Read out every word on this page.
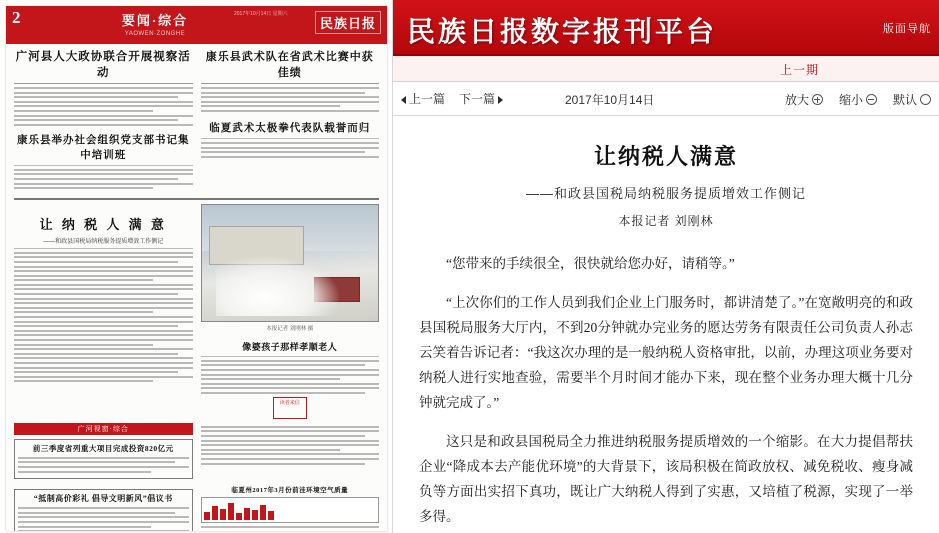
2	要闻·综合
YAOWEN·ZONGHE
2017年10月14日 星期六
民族日报
广河县人大政协联合开展视察活动
康乐县举办社会组织党支部书记集中培训班
康乐县武术队在省武术比赛中获佳绩
临夏武术太极拳代表队载誉而归
让 纳 税 人 满 意
——和政县国税局纳税服务提质增效工作侧记
本报记者 刘刚林 摄
像婆孩子那样孝顺老人
读者来信
广河视窗·综合
前三季度省列重大项目完成投资820亿元
“抵制高价彩礼 倡导文明新风”倡议书
临夏州2017年3月份前洼环境空气质量
民族日报数字报刊平台	版面导航
上一期
上一篇 下一篇	2017年10月14日	放大	缩小	默认
让纳税人满意
——和政县国税局纳税服务提质增效工作侧记
本报记者 刘刚林

“您带来的手续很全，很快就给您办好，请稍等。”

“上次你们的工作人员到我们企业上门服务时，都讲清楚了。”在宽敞明亮的和政县国税局服务大厅内，不到20分钟就办完业务的愿达劳务有限责任公司负责人孙志云笑着告诉记者：“我这次办理的是一般纳税人资格审批，以前，办理这项业务要对纳税人进行实地查验，需要半个月时间才能办下来，现在整个业务办理大概十几分钟就完成了。”

这只是和政县国税局全力推进纳税服务提质增效的一个缩影。在大力提倡帮扶企业“降成本去产能优环境”的大背景下，该局积极在简政放权、减免税收、瘦身减负等方面出实招下真功，既让广大纳税人得到了实惠，又培植了税源，实现了一举多得。
